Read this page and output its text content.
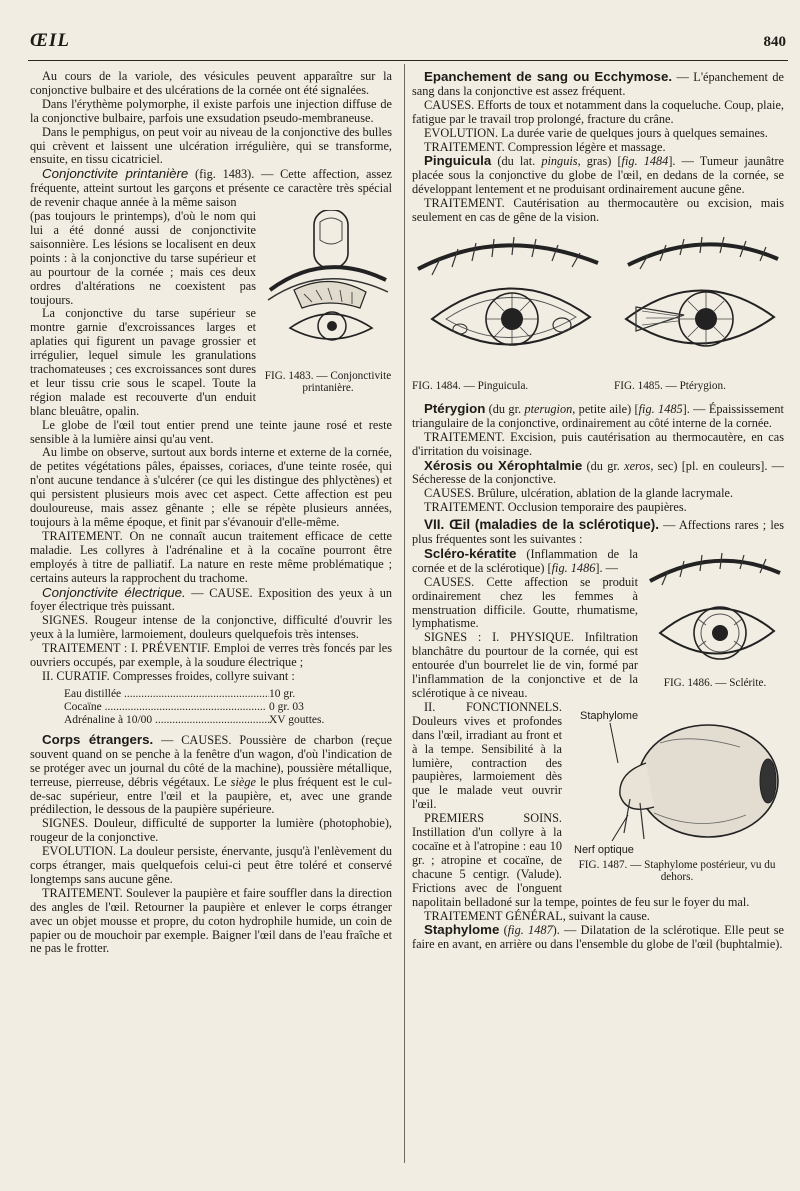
ŒIL	840

Au cours de la variole, des vésicules peuvent apparaître sur la conjonctive bulbaire et des ulcérations de la cornée ont été signalées.

Dans l'érythème polymorphe, il existe parfois une injection diffuse de la conjonctive bulbaire, parfois une exsudation pseudo-membraneuse.

Dans le pemphigus, on peut voir au niveau de la conjonctive des bulles qui crèvent et laissent une ulcération irrégulière, qui se transforme, ensuite, en tissu cicatriciel.

Conjonctivite printanière (fig. 1483). — Cette affection, assez fréquente, atteint surtout les garçons et présente ce caractère très spécial de revenir chaque année à la même saison

FIG. 1483. — Conjonctivite printanière.

(pas toujours le printemps), d'où le nom qui lui a été donné aussi de conjonctivite saisonnière. Les lésions se localisent en deux points : à la conjonctive du tarse supérieur et au pourtour de la cornée ; mais ces deux ordres d'altérations ne coexistent pas toujours.

La conjonctive du tarse supérieur se montre garnie d'excroissances larges et aplaties qui figurent un pavage grossier et irrégulier, lequel simule les granulations trachomateuses ; ces excroissances sont dures et leur tissu crie sous le scapel. Toute la région malade est recouverte d'un enduit blanc bleuâtre, opalin.

Le globe de l'œil tout entier prend une teinte jaune rosé et reste sensible à la lumière ainsi qu'au vent.

Au limbe on observe, surtout aux bords interne et externe de la cornée, de petites végétations pâles, épaisses, coriaces, d'une teinte rosée, qui n'ont aucune tendance à s'ulcérer (ce qui les distingue des phlyctènes) et qui persistent plusieurs mois avec cet aspect. Cette affection est peu douloureuse, mais assez gênante ; elle se répète plusieurs années, toujours à la même époque, et finit par s'évanouir d'elle-même.

TRAITEMENT. On ne connaît aucun traitement efficace de cette maladie. Les collyres à l'adrénaline et à la cocaïne pourront être employés à titre de palliatif. La nature en reste même problématique ; certains auteurs la rapprochent du trachome.

Conjonctivite électrique. — CAUSE. Exposition des yeux à un foyer électrique très puissant.

SIGNES. Rougeur intense de la conjonctive, difficulté d'ouvrir les yeux à la lumière, larmoiement, douleurs quelquefois très intenses.

TRAITEMENT : I. PRÉVENTIF. Emploi de verres très foncés par les ouvriers occupés, par exemple, à la soudure électrique ;

II. CURATIF. Compresses froides, collyre suivant :

Eau distillée .....	10 gr.
Cocaïne .....	0 gr. 03
Adrénaline à 10/00 .....	XV gouttes.

Corps étrangers. — CAUSES. Poussière de charbon (reçue souvent quand on se penche à la fenêtre d'un wagon, d'où l'indication de se protéger avec un journal du côté de la machine), poussière métallique, terreuse, pierreuse, débris végétaux. Le siège le plus fréquent est le cul-de-sac supérieur, entre l'œil et la paupière, et, avec une grande prédilection, le dessous de la paupière supérieure.

SIGNES. Douleur, difficulté de supporter la lumière (photophobie), rougeur de la conjonctive.

EVOLUTION. La douleur persiste, énervante, jusqu'à l'enlèvement du corps étranger, mais quelquefois celui-ci peut être toléré et conservé longtemps sans aucune gêne.

TRAITEMENT. Soulever la paupière et faire souffler dans la direction des angles de l'œil. Retourner la paupière et enlever le corps étranger avec un objet mousse et propre, du coton hydrophile humide, un coin de papier ou de mouchoir par exemple. Baigner l'œil dans de l'eau fraîche et ne pas le frotter.

Epanchement de sang ou Ecchymose. — L'épanchement de sang dans la conjonctive est assez fréquent.

CAUSES. Efforts de toux et notamment dans la coqueluche. Coup, plaie, fatigue par le travail trop prolongé, fracture du crâne.

EVOLUTION. La durée varie de quelques jours à quelques semaines.

TRAITEMENT. Compression légère et massage.

Pinguicula (du lat. pinguis, gras) [fig. 1484]. — Tumeur jaunâtre placée sous la conjonctive du globe de l'œil, en dedans de la cornée, se développant lentement et ne produisant ordinairement aucune gêne.

TRAITEMENT. Cautérisation au thermocautère ou excision, mais seulement en cas de gêne de la vision.

FIG. 1484. — Pinguicula.	FIG. 1485. — Ptérygion.

Ptérygion (du gr. pterugion, petite aile) [fig. 1485]. — Épaississement triangulaire de la conjonctive, ordinairement au côté interne de la cornée.

TRAITEMENT. Excision, puis cautérisation au thermocautère, en cas d'irritation du voisinage.

Xérosis ou Xérophtalmie (du gr. xeros, sec) [pl. en couleurs]. — Sécheresse de la conjonctive.

CAUSES. Brûlure, ulcération, ablation de la glande lacrymale.

TRAITEMENT. Occlusion temporaire des paupières.

VII. Œil (maladies de la sclérotique). — Affections rares ; les plus fréquentes sont les suivantes :

FIG. 1486. — Sclérite.

Scléro-kératite (Inflammation de la cornée et de la sclérotique) [fig. 1486]. —

CAUSES. Cette affection se produit ordinairement chez les femmes à menstruation difficile. Goutte, rhumatisme, lymphatisme.

SIGNES : I. PHYSIQUE. Infiltration blanchâtre du pourtour de la cornée, qui est entourée d'un bourrelet lie de vin, formé par l'inflammation de la conjonctive et de la sclérotique à ce niveau.

Staphylome
Nerf optique
FIG. 1487. — Staphylome postérieur, vu du dehors.

II. FONCTIONNELS. Douleurs vives et profondes dans l'œil, irradiant au front et à la tempe. Sensibilité à la lumière, contraction des paupières, larmoiement dès que le malade veut ouvrir l'œil.

PREMIERS SOINS. Instillation d'un collyre à la cocaïne et à l'atropine : eau 10 gr. ; atropine et cocaïne, de chacune 5 centigr. (Valude). Frictions avec de l'onguent napolitain belladoné sur la tempe, pointes de feu sur le foyer du mal.

TRAITEMENT GÉNÉRAL, suivant la cause.

Staphylome (fig. 1487). — Dilatation de la sclérotique. Elle peut se faire en avant, en arrière ou dans l'ensemble du globe de l'œil (buphtalmie).
